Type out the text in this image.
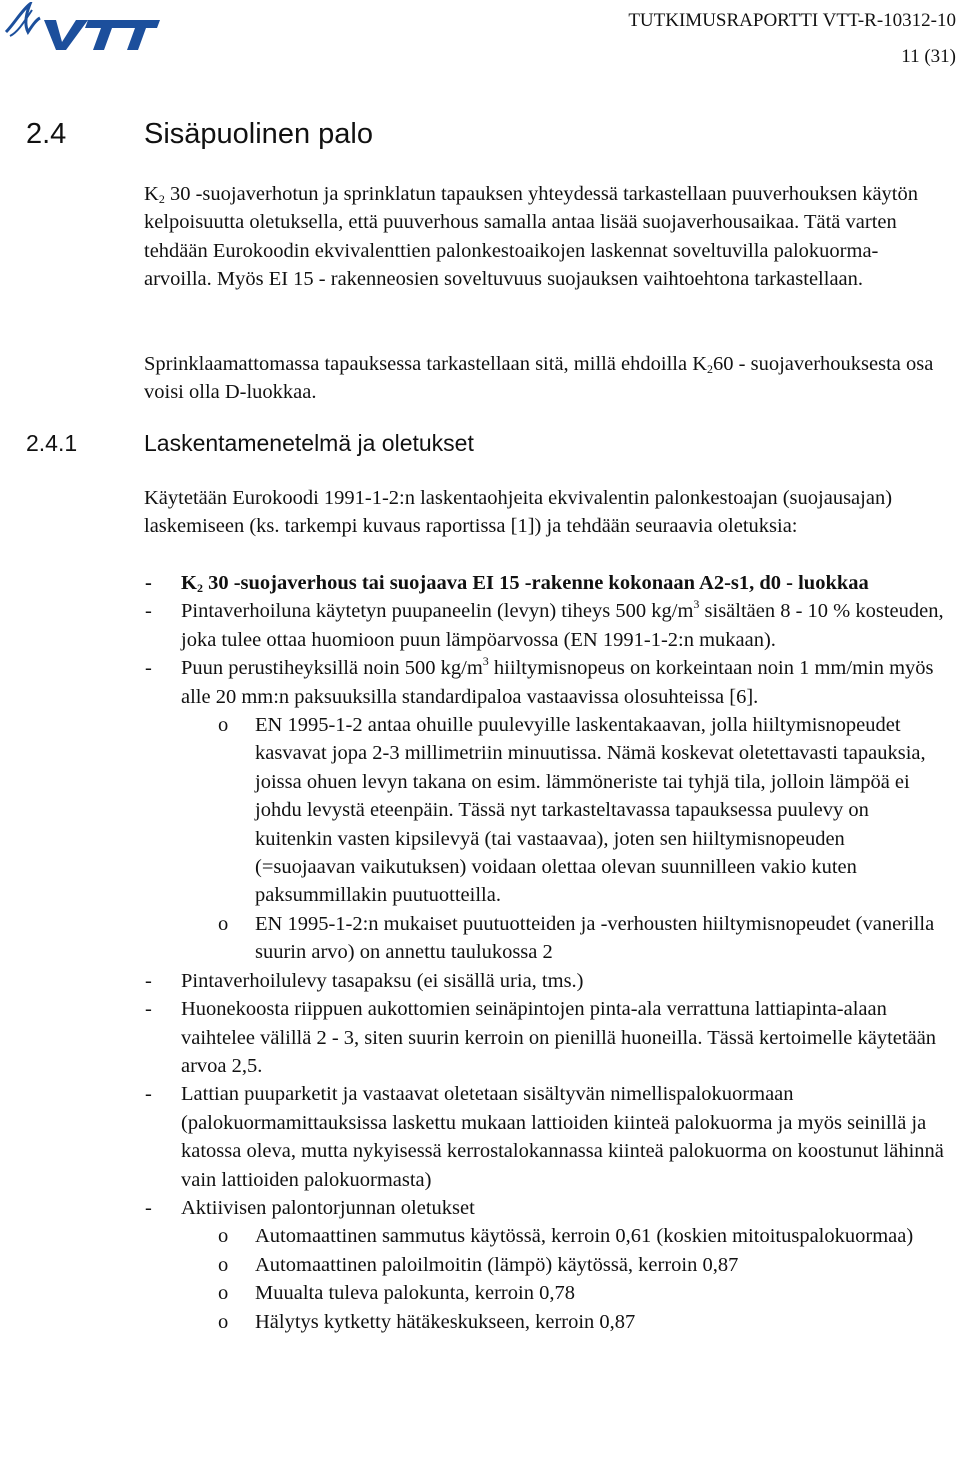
VTT
TUTKIMUSRAPORTTI VTT-R-10312-10
11 (31)
2.4	Sisäpuolinen palo
$K_2$ 30 -suojaverhotun ja sprinklatun tapauksen yhteydessä tarkastellaan puuverhouksen käytön kelpoisuutta oletuksella, että puuverhous samalla antaa lisää suojaverhousaikaa. Tätä varten tehdään Eurokoodin ekvivalenttien palonkestoaikojen laskennat soveltuvilla palokuorma-arvoilla. Myös EI 15 - rakenneosien soveltuvuus suojauksen vaihtoehtona tarkastellaan.
Sprinklaamattomassa tapauksessa tarkastellaan sitä, millä ehdoilla $K_260$ - suojaverhouksesta osa voisi olla D-luokkaa.
2.4.1	Laskentamenetelmä ja oletukset
Käytetään Eurokoodi 1991-1-2:n laskentaohjeita ekvivalentin palonkestoajan (suojausajan) laskemiseen (ks. tarkempi kuvaus raportissa [1]) ja tehdään seuraavia oletuksia:
- $K_2$ 30 -suojaverhous tai suojaava EI 15 -rakenne kokonaan A2-s1, d0 - luokkaa
- Pintaverhoiluna käytetyn puupaneelin (levyn) tiheys 500 $kg/m^3$ sisältäen 8 - 10 % kosteuden, joka tulee ottaa huomioon puun lämpöarvossa (EN 1991-1-2:n mukaan).
- Puun perustiheyksillä noin 500 $kg/m^3$ hiiltymisnopeus on korkeintaan noin 1 mm/min myös alle 20 mm:n paksuuksilla standardipaloa vastaavissa olosuhteissa [6].
o EN 1995-1-2 antaa ohuille puulevyille laskentakaavan, jolla hiiltymisnopeudet kasvavat jopa 2-3 millimetriin minuutissa. Nämä koskevat oletettavasti tapauksia, joissa ohuen levyn takana on esim. lämmöneriste tai tyhjä tila, jolloin lämpöä ei johdu levystä eteenpäin. Tässä nyt tarkasteltavassa tapauksessa puulevy on kuitenkin vasten kipsilevyä (tai vastaavaa), joten sen hiiltymisnopeuden (=suojaavan vaikutuksen) voidaan olettaa olevan suunnilleen vakio kuten paksummillakin puutuotteilla.
o EN 1995-1-2:n mukaiset puutuotteiden ja -verhousten hiiltymisnopeudet (vanerilla suurin arvo) on annettu taulukossa 2
- Pintaverhoilulevy tasapaksu (ei sisällä uria, tms.)
- Huonekoosta riippuen aukottomien seinäpintojen pinta-ala verrattuna lattiapinta-alaan vaihtelee välillä 2 - 3, siten suurin kerroin on pienillä huoneilla. Tässä kertoimelle käytetään arvoa 2,5.
- Lattian puuparketit ja vastaavat oletetaan sisältyvän nimellispalokuormaan (palokuormamittauksissa laskettu mukaan lattioiden kiinteä palokuorma ja myös seinillä ja katossa oleva, mutta nykyisessä kerrostalokannassa kiinteä palokuorma on koostunut lähinnä vain lattioiden palokuormasta)
- Aktiivisen palontorjunnan oletukset
o Automaattinen sammutus käytössä, kerroin 0,61 (koskien mitoituspalokuormaa)
o Automaattinen paloilmoitin (lämpö) käytössä, kerroin 0,87
o Muualta tuleva palokunta, kerroin 0,78
o Hälytys kytketty hätäkeskukseen, kerroin 0,87
